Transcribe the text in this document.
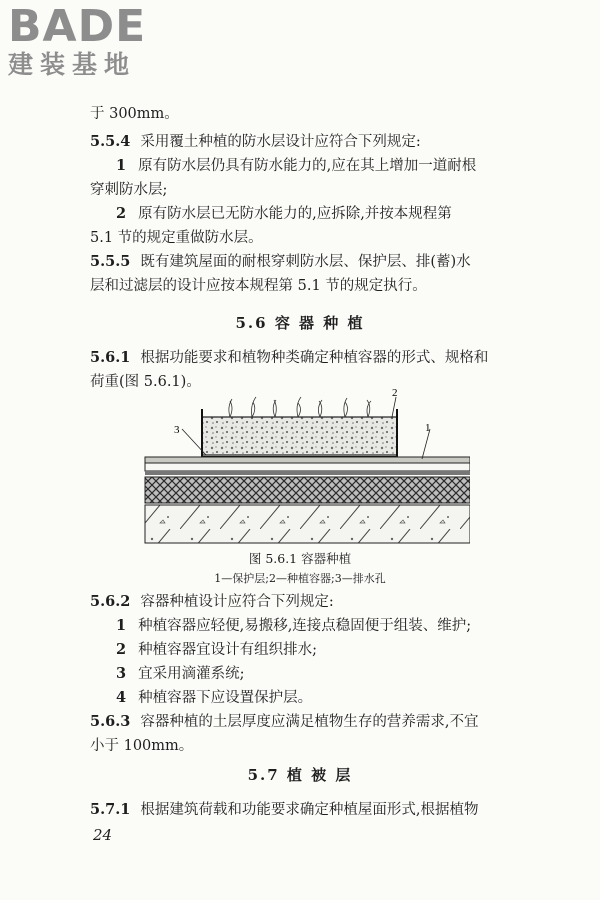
BADE
建装基地

于 300mm。

5.5.4 采用覆土种植的防水层设计应符合下列规定:

1 原有防水层仍具有防水能力的,应在其上增加一道耐根

穿刺防水层;

2 原有防水层已无防水能力的,应拆除,并按本规程第

5.1 节的规定重做防水层。

5.5.5 既有建筑屋面的耐根穿刺防水层、保护层、排(蓄)水

层和过滤层的设计应按本规程第 5.1 节的规定执行。

5.6 容 器 种 植

5.6.1 根据功能要求和植物种类确定种植容器的形式、规格和

荷重(图 5.6.1)。

1
2
3
图 5.6.1 容器种植
1—保护层;2—种植容器;3—排水孔

5.6.2 容器种植设计应符合下列规定:

1 种植容器应轻便,易搬移,连接点稳固便于组装、维护;

2 种植容器宜设计有组织排水;

3 宜采用滴灌系统;

4 种植容器下应设置保护层。

5.6.3 容器种植的土层厚度应满足植物生存的营养需求,不宜

小于 100mm。

5.7 植 被 层

5.7.1 根据建筑荷载和功能要求确定种植屋面形式,根据植物

24
